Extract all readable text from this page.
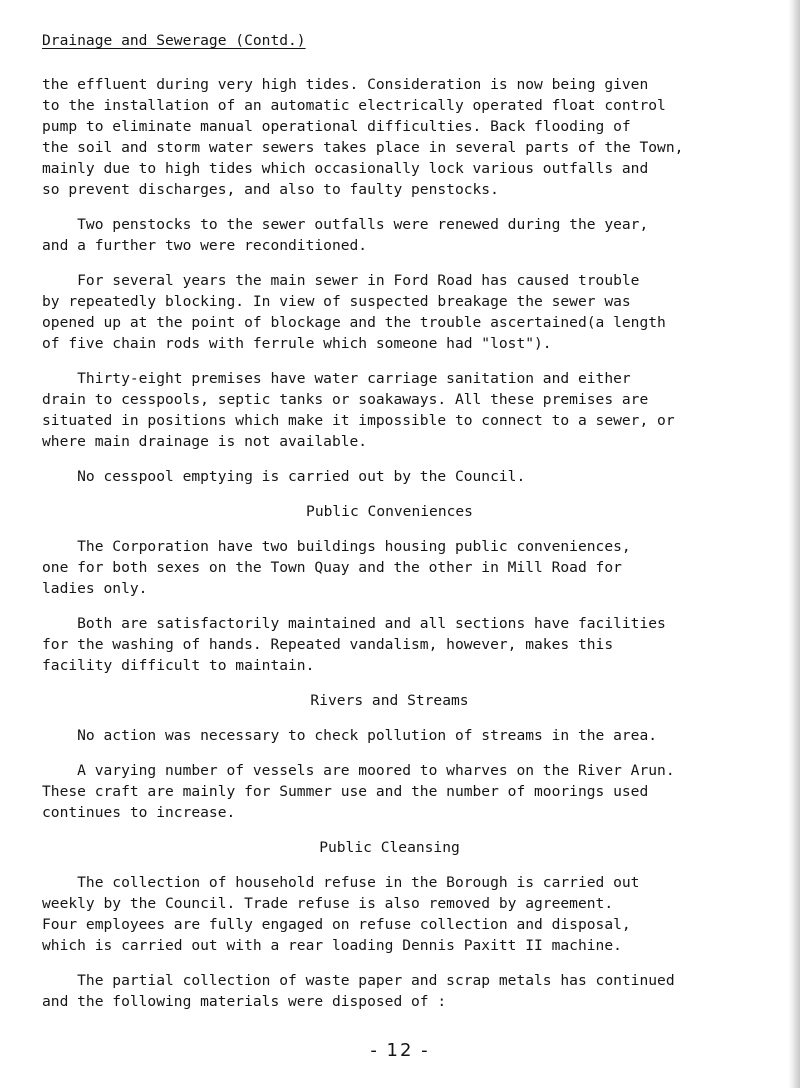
Drainage and Sewerage (Contd.)
the effluent during very high tides. Consideration is now being given
to the installation of an automatic electrically operated float control
pump to eliminate manual operational difficulties. Back flooding of
the soil and storm water sewers takes place in several parts of the Town,
mainly due to high tides which occasionally lock various outfalls and
so prevent discharges, and also to faulty penstocks.
Two penstocks to the sewer outfalls were renewed during the year,
and a further two were reconditioned.
For several years the main sewer in Ford Road has caused trouble
by repeatedly blocking. In view of suspected breakage the sewer was
opened up at the point of blockage and the trouble ascertained(a length
of five chain rods with ferrule which someone had "lost").
Thirty-eight premises have water carriage sanitation and either
drain to cesspools, septic tanks or soakaways. All these premises are
situated in positions which make it impossible to connect to a sewer, or
where main drainage is not available.
No cesspool emptying is carried out by the Council.
Public Conveniences
The Corporation have two buildings housing public conveniences,
one for both sexes on the Town Quay and the other in Mill Road for
ladies only.
Both are satisfactorily maintained and all sections have facilities
for the washing of hands. Repeated vandalism, however, makes this
facility difficult to maintain.
Rivers and Streams
No action was necessary to check pollution of streams in the area.
A varying number of vessels are moored to wharves on the River Arun.
These craft are mainly for Summer use and the number of moorings used
continues to increase.
Public Cleansing
The collection of household refuse in the Borough is carried out
weekly by the Council. Trade refuse is also removed by agreement.
Four employees are fully engaged on refuse collection and disposal,
which is carried out with a rear loading Dennis Paxitt II machine.
The partial collection of waste paper and scrap metals has continued
and the following materials were disposed of :
- 12 -
